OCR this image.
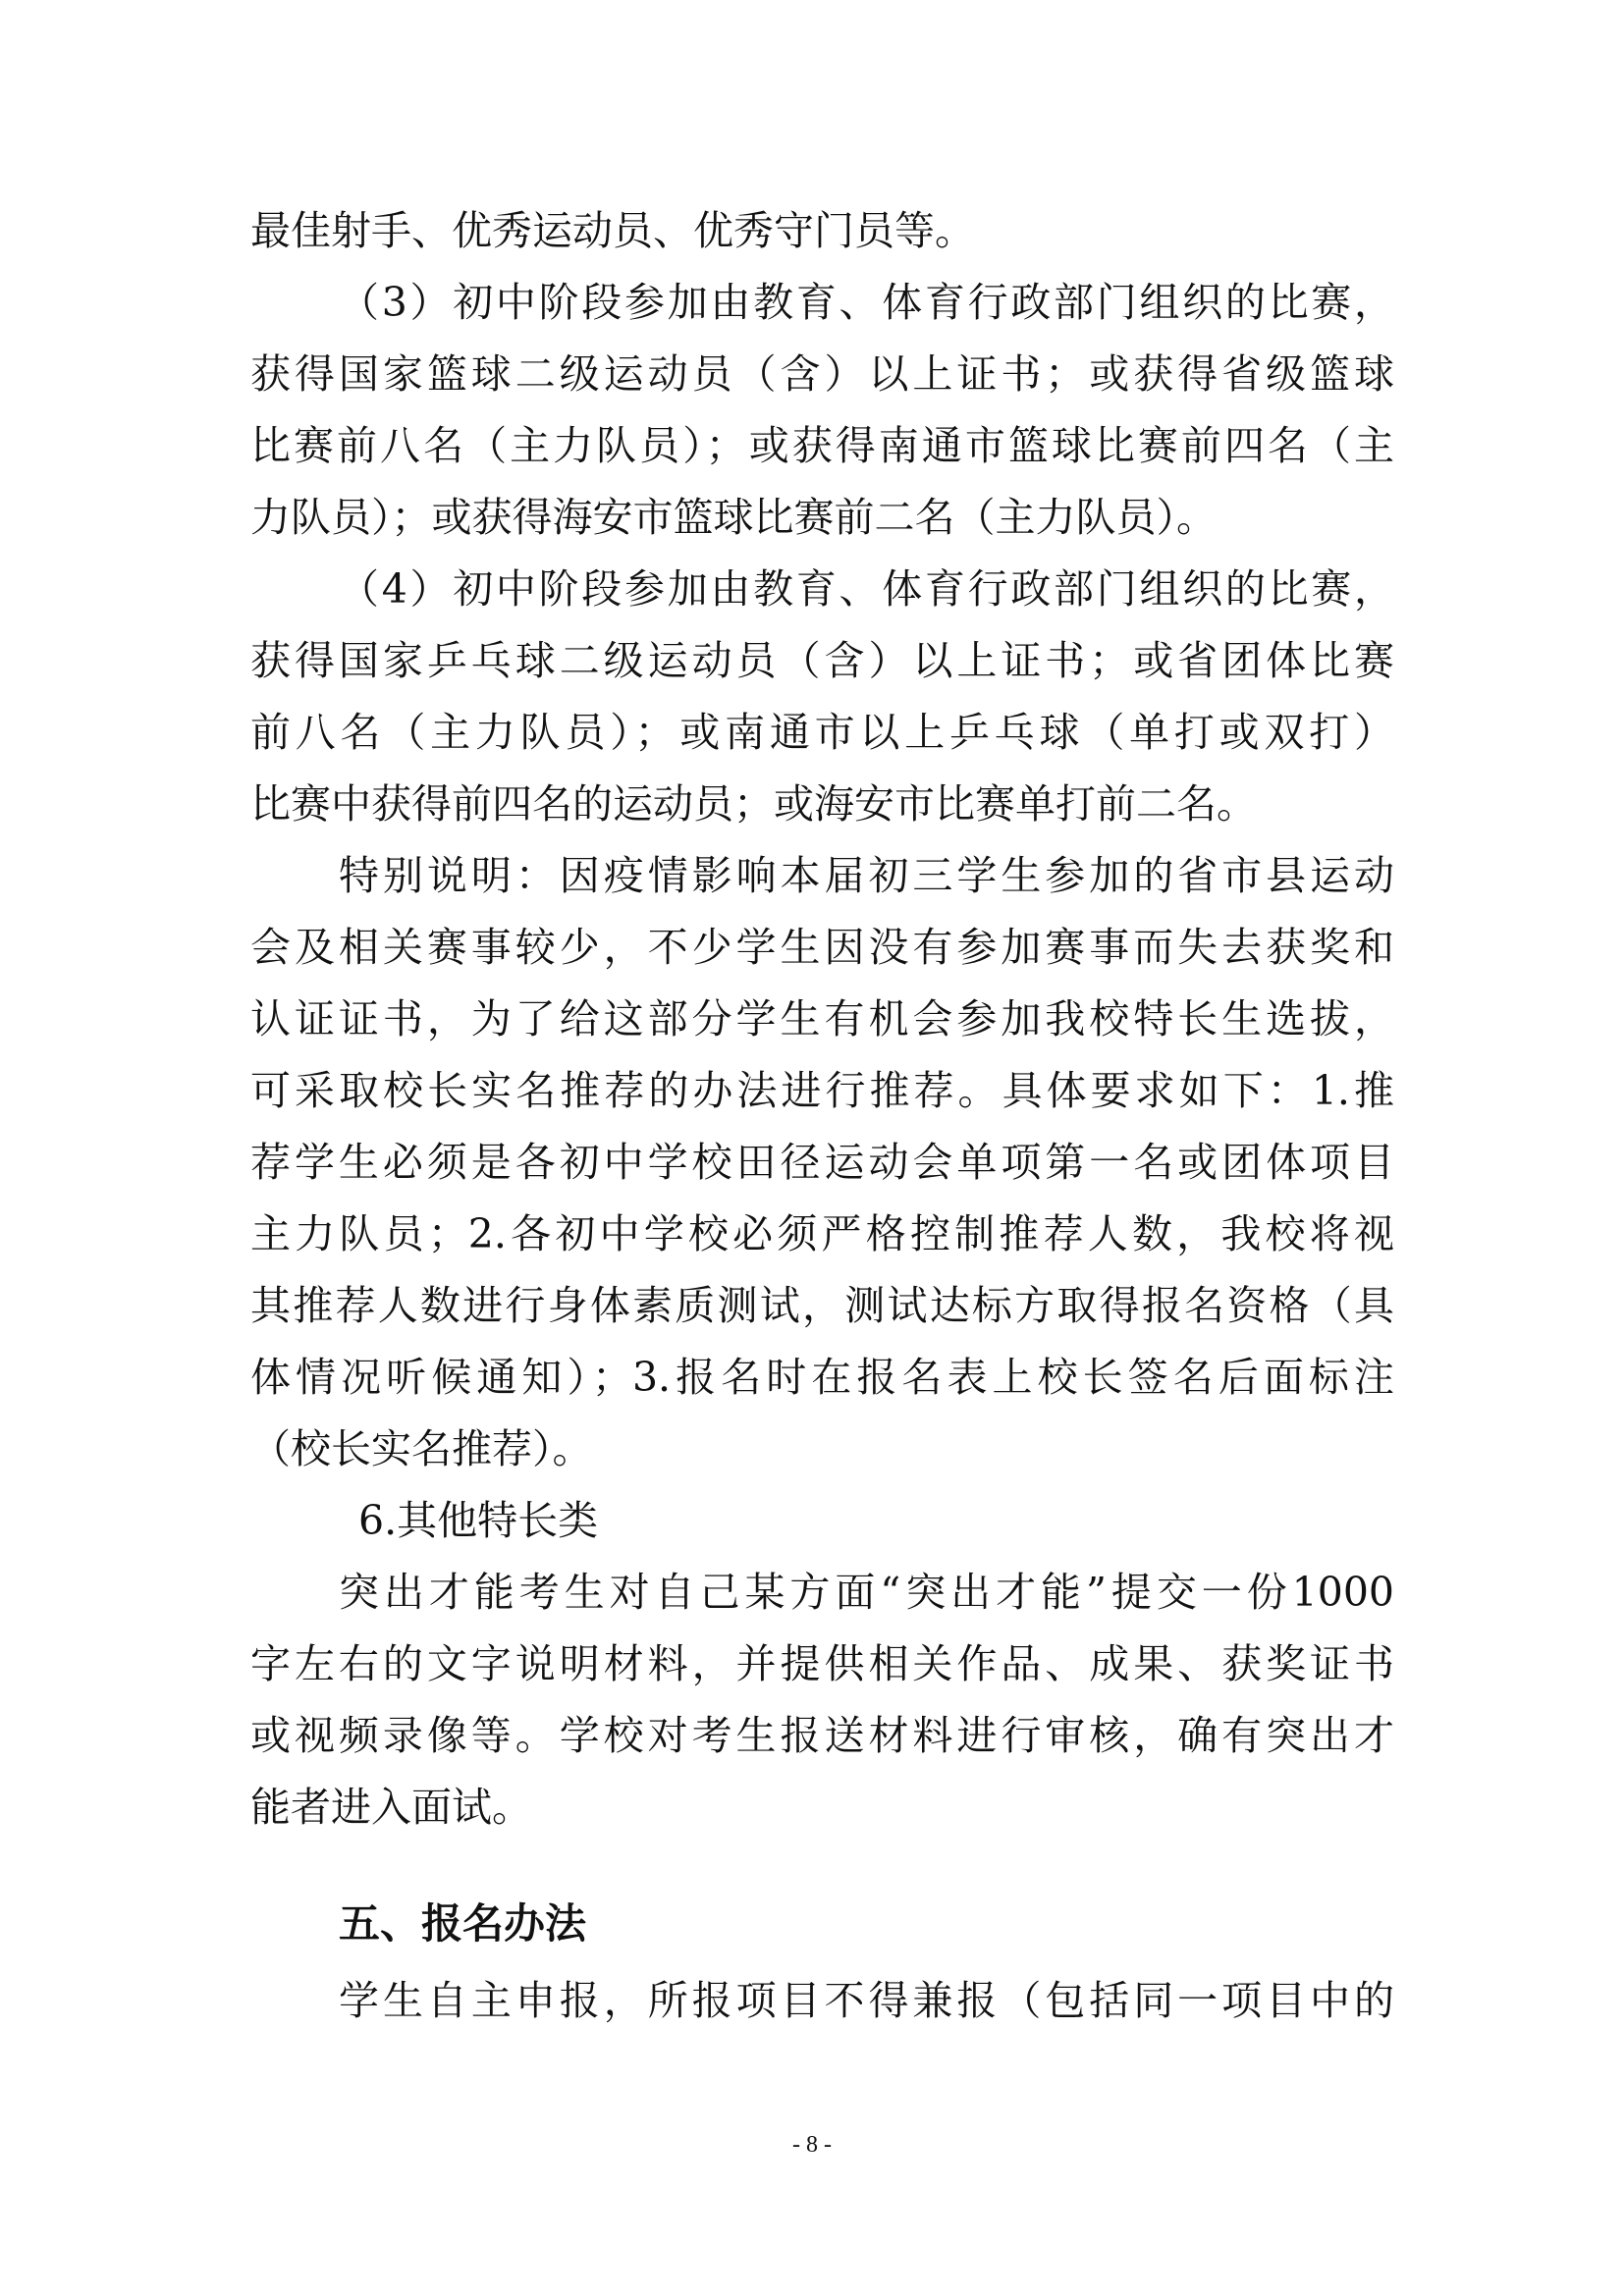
最佳射手、优秀运动员、优秀守门员等。
（3）初中阶段参加由教育、体育行政部门组织的比赛，
获得国家篮球二级运动员（含）以上证书；或获得省级篮球
比赛前八名（主力队员）；或获得南通市篮球比赛前四名（主
力队员）；或获得海安市篮球比赛前二名（主力队员）。
（4）初中阶段参加由教育、体育行政部门组织的比赛，
获得国家乒乓球二级运动员（含）以上证书；或省团体比赛
前八名（主力队员）；或南通市以上乒乓球（单打或双打）
比赛中获得前四名的运动员；或海安市比赛单打前二名。
特别说明：因疫情影响本届初三学生参加的省市县运动
会及相关赛事较少，不少学生因没有参加赛事而失去获奖和
认证证书，为了给这部分学生有机会参加我校特长生选拔，
可采取校长实名推荐的办法进行推荐。具体要求如下：1.推
荐学生必须是各初中学校田径运动会单项第一名或团体项目
主力队员；2.各初中学校必须严格控制推荐人数，我校将视
其推荐人数进行身体素质测试，测试达标方取得报名资格（具
体情况听候通知）；3.报名时在报名表上校长签名后面标注
（校长实名推荐）。
6.其他特长类
突出才能考生对自己某方面“突出才能”提交一份1000
字左右的文字说明材料，并提供相关作品、成果、获奖证书
或视频录像等。学校对考生报送材料进行审核，确有突出才
能者进入面试。
五、报名办法
学生自主申报，所报项目不得兼报（包括同一项目中的
- 8 -
